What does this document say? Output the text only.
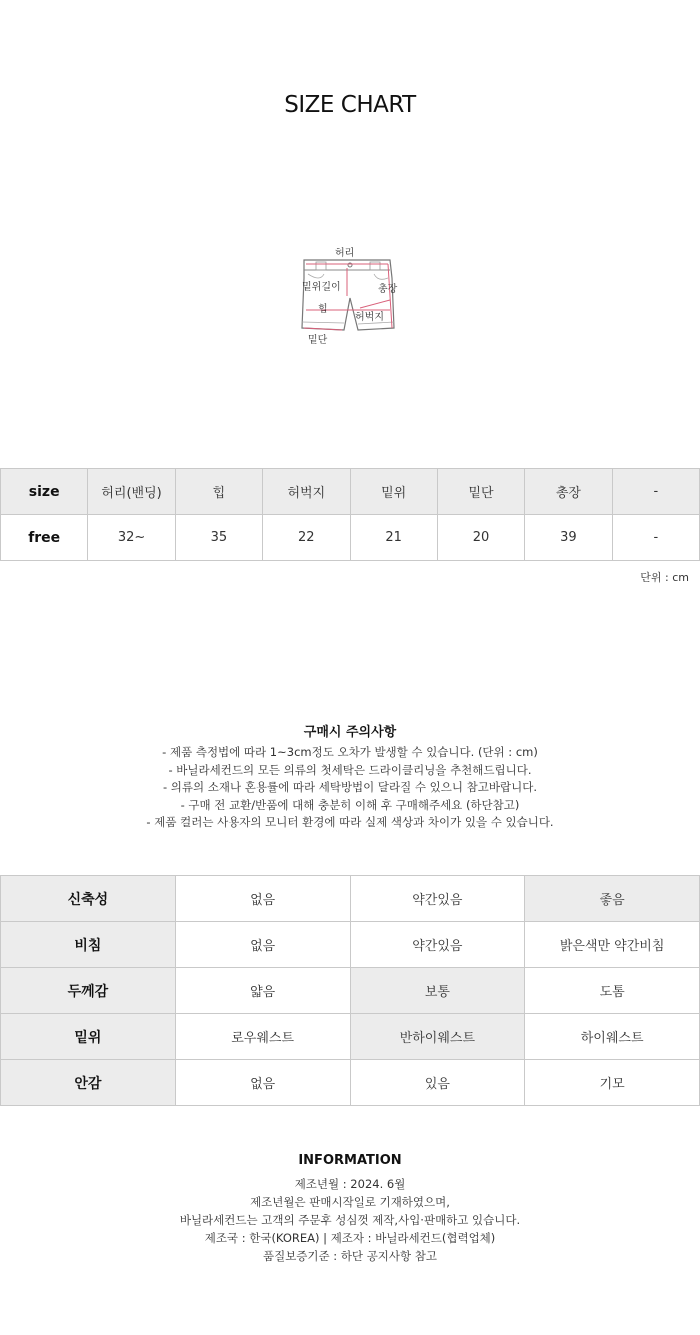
SIZE CHART
허리
밑위길이	총장
힙
허벅지
밑단
size	허리(밴딩)	힙	허벅지	밑위	밑단	총장	-
free	32~	35	22	21	20	39	-
단위 : cm
구매시 주의사항
- 제품 측정법에 따라 1~3cm정도 오차가 발생할 수 있습니다. (단위 : cm)
- 바닐라세컨드의 모든 의류의 첫세탁은 드라이클리닝을 추천해드립니다.
- 의류의 소재나 혼용률에 따라 세탁방법이 달라질 수 있으니 참고바랍니다.
- 구매 전 교환/반품에 대해 충분히 이해 후 구매해주세요 (하단참고)
- 제품 컬러는 사용자의 모니터 환경에 따라 실제 색상과 차이가 있을 수 있습니다.
신축성	없음	약간있음	좋음
비침	없음	약간있음	밝은색만 약간비침
두께감	얇음	보통	도톰
밑위	로우웨스트	반하이웨스트	하이웨스트
안감	없음	있음	기모
INFORMATION
제조년월 : 2024. 6월
제조년월은 판매시작일로 기재하였으며,
바닐라세컨드는 고객의 주문후 성심껏 제작,사입·판매하고 있습니다.
제조국 : 한국(KOREA) | 제조자 : 바닐라세컨드(협력업체)
품질보증기준 : 하단 공지사항 참고
